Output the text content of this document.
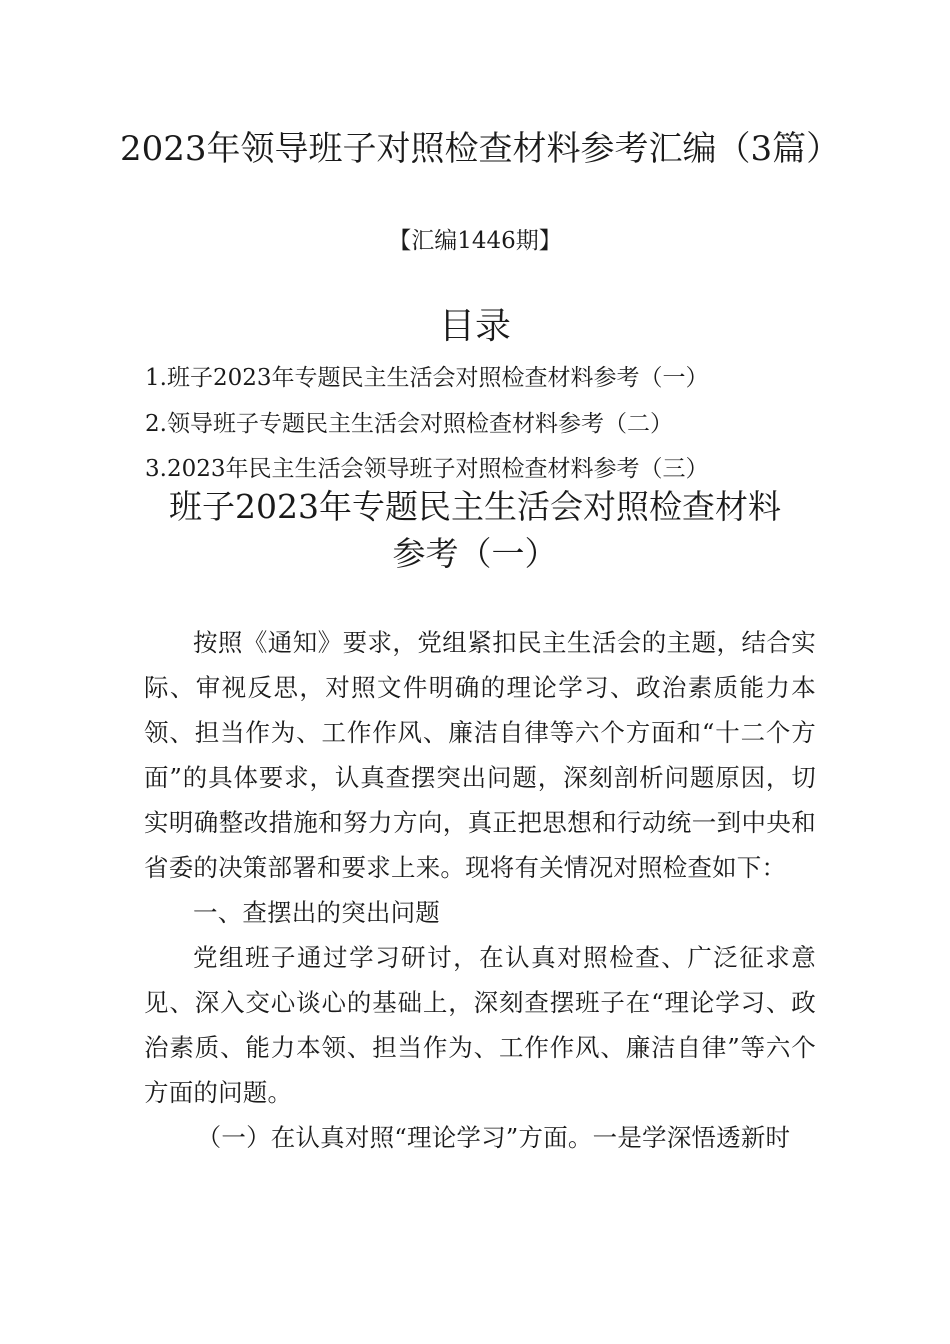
2023年领导班子对照检查材料参考汇编（3篇）
【汇编1446期】
目录
1.班子2023年专题民主生活会对照检查材料参考（一）
2.领导班子专题民主生活会对照检查材料参考（二）
3.2023年民主生活会领导班子对照检查材料参考（三）
班子2023年专题民主生活会对照检查材料参考（一）

按照《通知》要求，党组紧扣民主生活会的主题，结合实际、审视反思，对照文件明确的理论学习、政治素质能力本领、担当作为、工作作风、廉洁自律等六个方面和“十二个方面”的具体要求，认真查摆突出问题，深刻剖析问题原因，切实明确整改措施和努力方向，真正把思想和行动统一到中央和省委的决策部署和要求上来。现将有关情况对照检查如下：

一、查摆出的突出问题

党组班子通过学习研讨，在认真对照检查、广泛征求意见、深入交心谈心的基础上，深刻查摆班子在“理论学习、政治素质、能力本领、担当作为、工作作风、廉洁自律”等六个方面的问题。

（一）在认真对照“理论学习”方面。一是学深悟透新时
